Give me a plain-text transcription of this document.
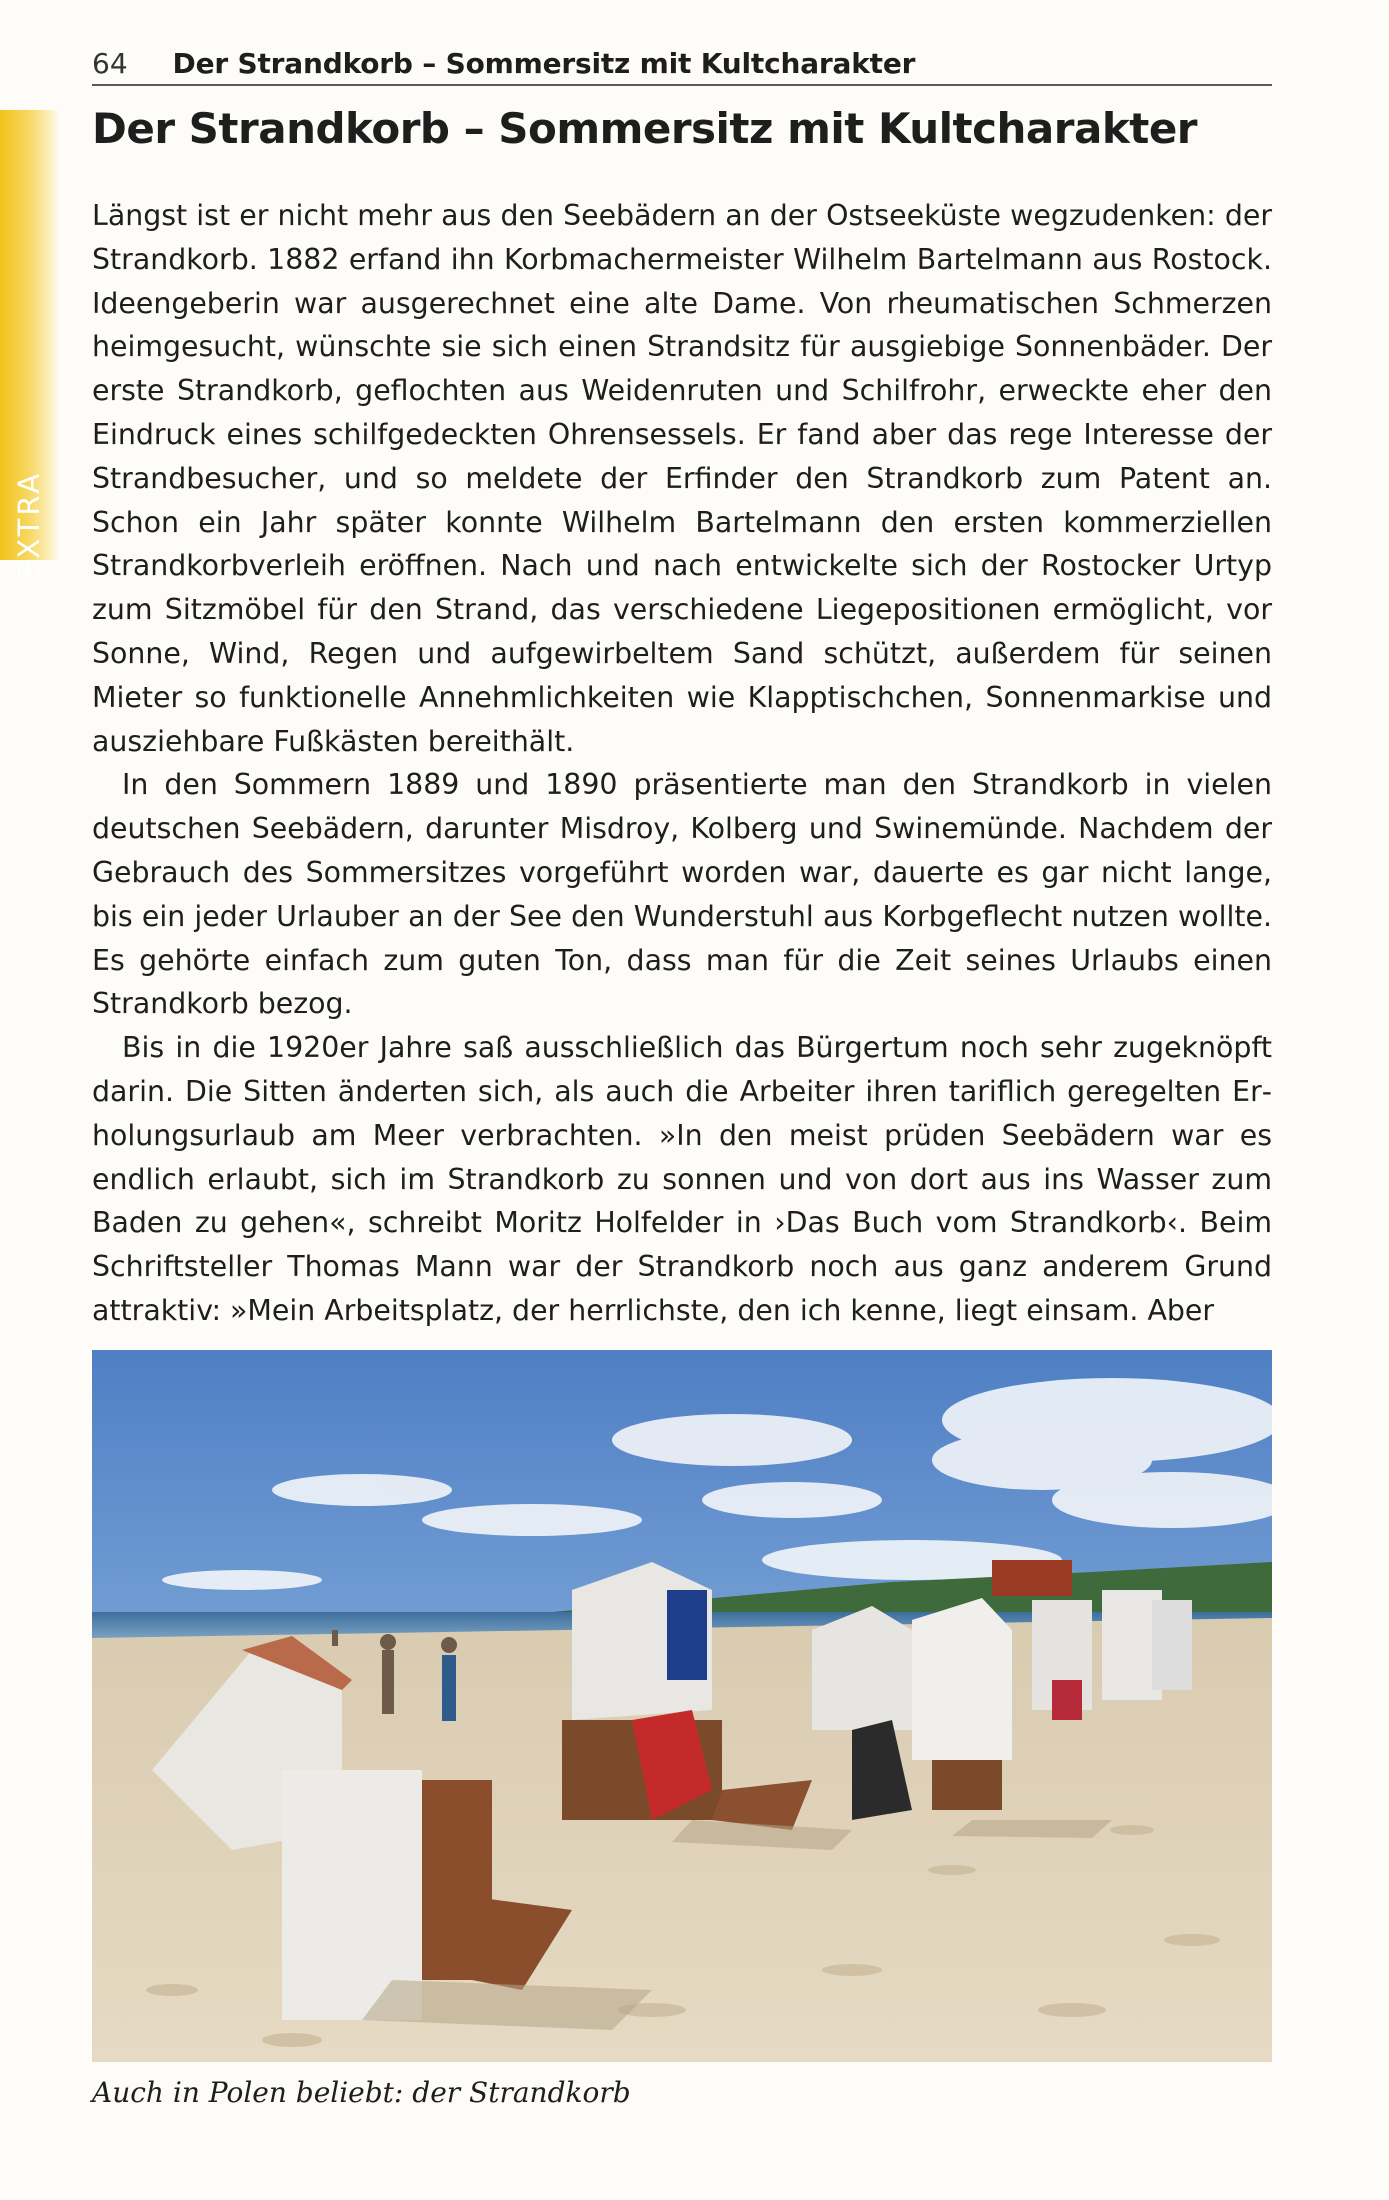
EXTRA
64 Der Strandkorb – Sommersitz mit Kultcharakter
Der Strandkorb – Sommersitz mit Kultcharakter

Längst ist er nicht mehr aus den Seebädern an der Ostseeküste wegzudenken: der Strandkorb. 1882 erfand ihn Korbmachermeister Wilhelm Bartelmann aus Rostock. Ideengeberin war ausgerechnet eine alte Dame. Von rheumatischen Schmerzen heimgesucht, wünschte sie sich einen Strandsitz für ausgiebige Sonnenbäder. Der erste Strandkorb, geflochten aus Weidenruten und Schilfrohr, erweckte eher den Eindruck eines schilfgedeckten Ohrensessels. Er fand aber das rege Interesse der Strandbesucher, und so meldete der Erfinder den Strandkorb zum Patent an. Schon ein Jahr später konnte Wilhelm Bartelmann den ersten kommerziellen Strandkorbverleih eröffnen. Nach und nach entwickelte sich der Rostocker Urtyp zum Sitzmöbel für den Strand, das verschiedene Liegepositionen ermöglicht, vor Sonne, Wind, Regen und aufgewirbeltem Sand schützt, außerdem für seinen Mieter so funktionelle Annehmlichkeiten wie Klapptischchen, Sonnenmarkise und ausziehbare Fußkästen bereithält.

In den Sommern 1889 und 1890 präsentierte man den Strandkorb in vielen deutschen Seebädern, darunter Misdroy, Kolberg und Swinemünde. Nachdem der Gebrauch des Sommersitzes vorgeführt worden war, dauerte es gar nicht lange, bis ein jeder Urlauber an der See den Wunderstuhl aus Korbgeflecht nutzen wollte. Es gehörte einfach zum guten Ton, dass man für die Zeit seines Urlaubs einen Strandkorb bezog.

Bis in die 1920er Jahre saß ausschließlich das Bürgertum noch sehr zugeknöpft darin. Die Sitten änderten sich, als auch die Arbeiter ihren tariflich geregelten Erholungsurlaub am Meer verbrachten. »In den meist prüden Seebädern war es endlich erlaubt, sich im Strandkorb zu sonnen und von dort aus ins Wasser zum Baden zu gehen«, schreibt Moritz Holfelder in ›Das Buch vom Strandkorb‹. Beim Schriftsteller Thomas Mann war der Strandkorb noch aus ganz anderem Grund attraktiv: »Mein Arbeitsplatz, der herrlichste, den ich kenne, liegt einsam. Aber

Auch in Polen beliebt: der Strandkorb
